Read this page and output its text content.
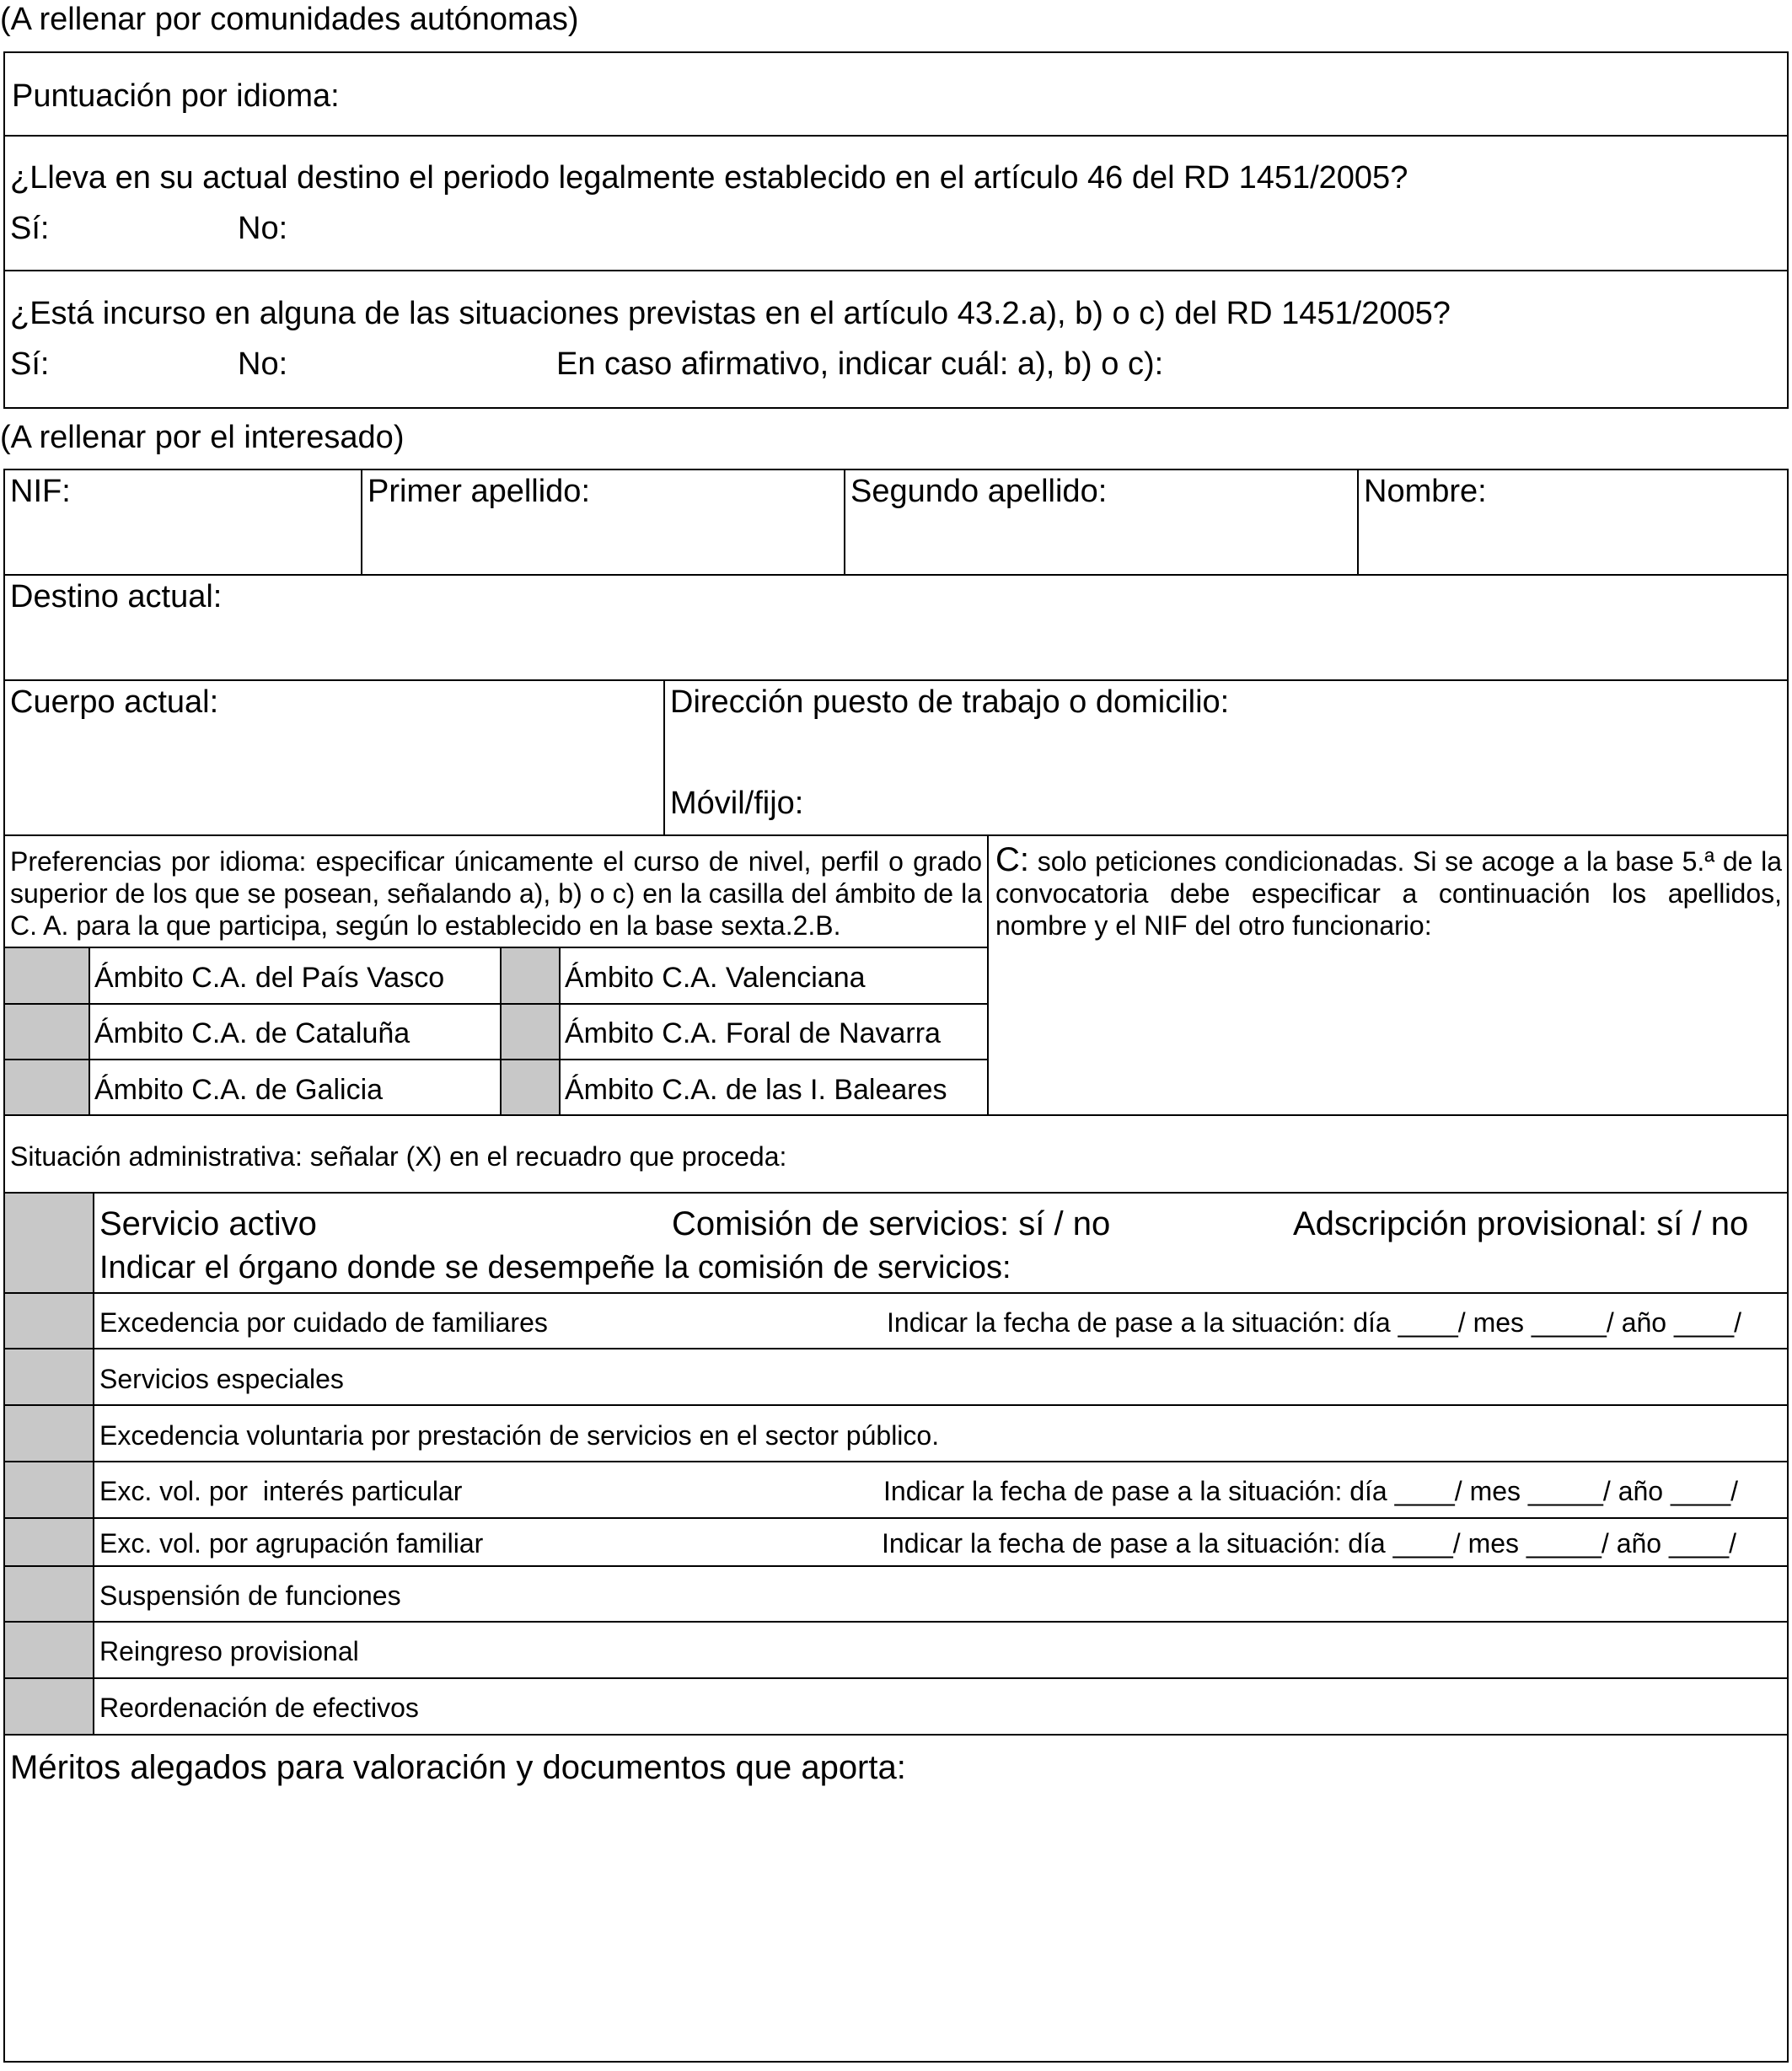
(A rellenar por comunidades autónomas)
Puntuación por idioma:
¿Lleva en su actual destino el periodo legalmente establecido en el artículo 46 del RD 1451/2005?
Sí:	No:
¿Está incurso en alguna de las situaciones previstas en el artículo 43.2.a), b) o c) del RD 1451/2005?
Sí:	No:	En caso afirmativo, indicar cuál: a), b) o c):
(A rellenar por el interesado)
NIF:	Primer apellido:	Segundo apellido:	Nombre:
Destino actual:
Cuerpo actual:	Dirección puesto de trabajo o domicilio:
Móvil/fijo:
Preferencias por idioma: especificar únicamente el curso de nivel, perfil o grado superior de los que se posean, señalando a), b) o c) en la casilla del ámbito de la C. A. para la que participa, según lo establecido en la base sexta.2.B.
Ámbito C.A. del País Vasco	Ámbito C.A. Valenciana
Ámbito C.A. de Cataluña	Ámbito C.A. Foral de Navarra
Ámbito C.A. de Galicia	Ámbito C.A. de las I. Baleares
C: solo peticiones condicionadas. Si se acoge a la base 5.ª de la convocatoria debe especificar a continuación los apellidos, nombre y el NIF del otro funcionario:
Situación administrativa: señalar (X) en el recuadro que proceda:
Servicio activo	Comisión de servicios: sí / no	Adscripción provisional: sí / no
Indicar el órgano donde se desempeñe la comisión de servicios:
Excedencia por cuidado de familiares	Indicar la fecha de pase a la situación: día ____/ mes _____/ año ____/
Servicios especiales
Excedencia voluntaria por prestación de servicios en el sector público.
Exc. vol. por  interés particular	Indicar la fecha de pase a la situación: día ____/ mes _____/ año ____/
Exc. vol. por agrupación familiar	Indicar la fecha de pase a la situación: día ____/ mes _____/ año ____/
Suspensión de funciones
Reingreso provisional
Reordenación de efectivos
Méritos alegados para valoración y documentos que aporta:
